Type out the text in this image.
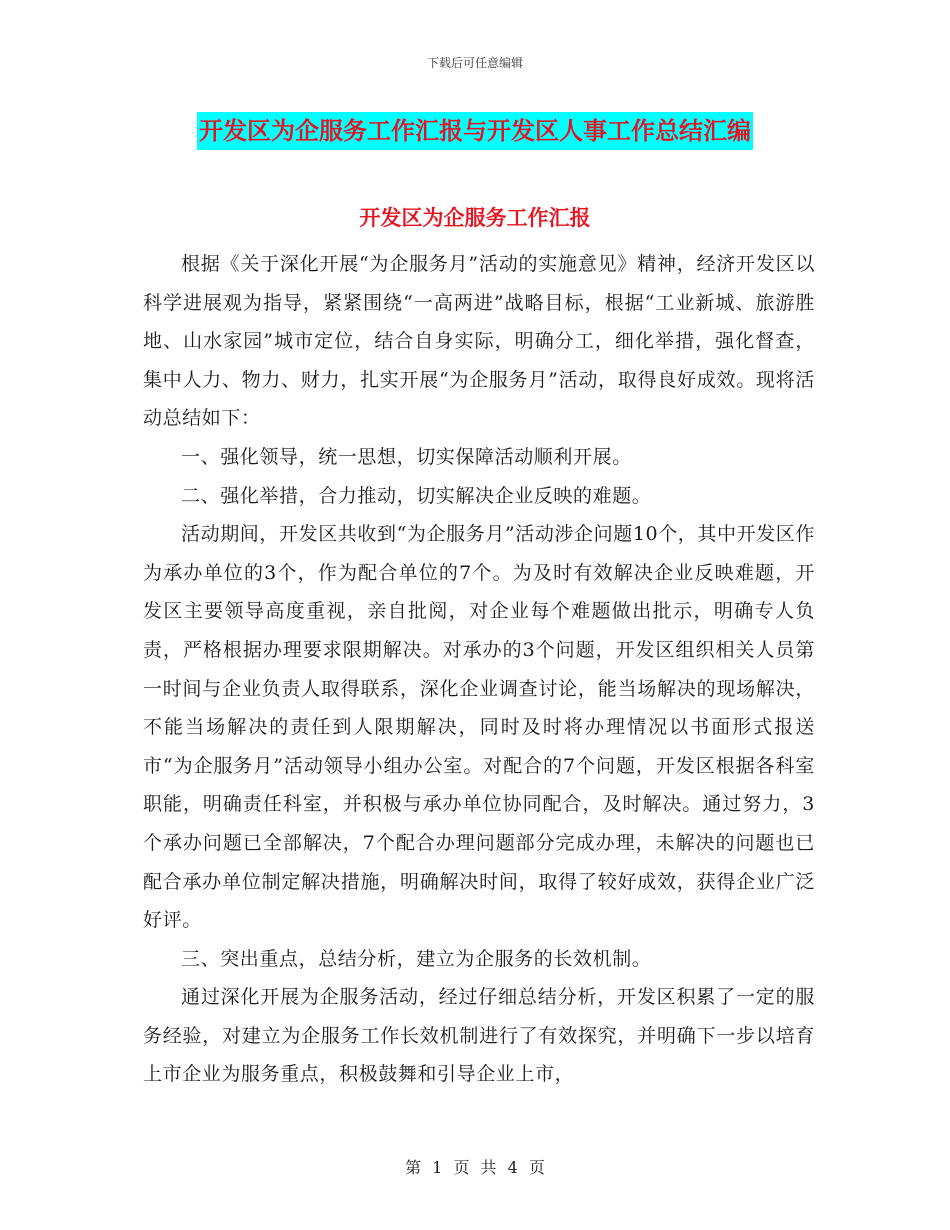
下载后可任意编辑
开发区为企服务工作汇报与开发区人事工作总结汇编
开发区为企服务工作汇报

根据《关于深化开展“为企服务月”活动的实施意见》精神，经济开发区以科学进展观为指导，紧紧围绕“一高两进”战略目标，根据“工业新城、旅游胜地、山水家园”城市定位，结合自身实际，明确分工，细化举措，强化督查，集中人力、物力、财力，扎实开展“为企服务月”活动，取得良好成效。现将活动总结如下：

一、强化领导，统一思想，切实保障活动顺利开展。

二、强化举措，合力推动，切实解决企业反映的难题。

活动期间，开发区共收到“为企服务月”活动涉企问题10个，其中开发区作为承办单位的3个，作为配合单位的7个。为及时有效解决企业反映难题，开发区主要领导高度重视，亲自批阅，对企业每个难题做出批示，明确专人负责，严格根据办理要求限期解决。对承办的3个问题，开发区组织相关人员第一时间与企业负责人取得联系，深化企业调查讨论，能当场解决的现场解决，不能当场解决的责任到人限期解决，同时及时将办理情况以书面形式报送市“为企服务月”活动领导小组办公室。对配合的7个问题，开发区根据各科室职能，明确责任科室，并积极与承办单位协同配合，及时解决。通过努力，3个承办问题已全部解决，7个配合办理问题部分完成办理，未解决的问题也已配合承办单位制定解决措施，明确解决时间，取得了较好成效，获得企业广泛好评。

三、突出重点，总结分析，建立为企服务的长效机制。

通过深化开展为企服务活动，经过仔细总结分析，开发区积累了一定的服务经验，对建立为企服务工作长效机制进行了有效探究，并明确下一步以培育上市企业为服务重点，积极鼓舞和引导企业上市，

第 1 页 共 4 页
